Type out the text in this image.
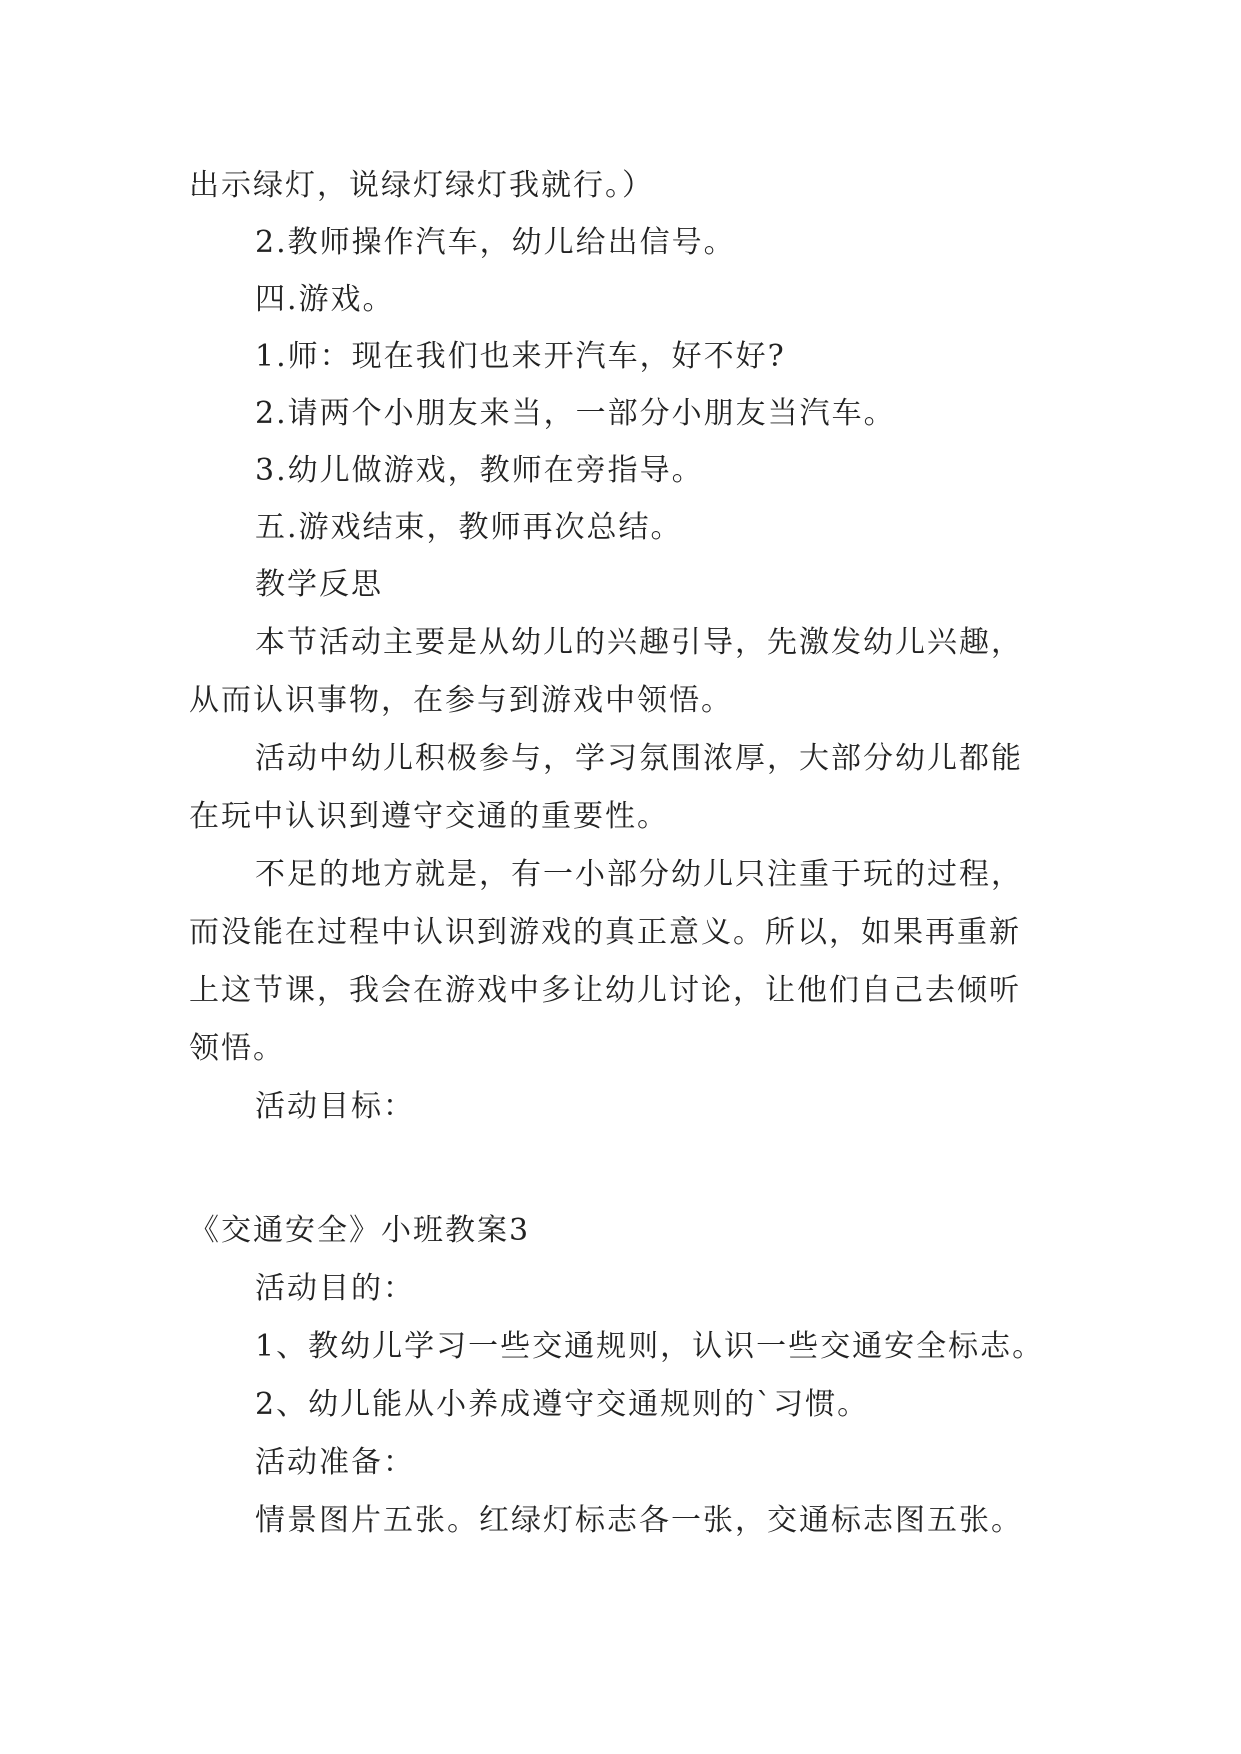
出示绿灯，说绿灯绿灯我就行。）
2.教师操作汽车，幼儿给出信号。
四.游戏。
1.师：现在我们也来开汽车，好不好?
2.请两个小朋友来当，一部分小朋友当汽车。
3.幼儿做游戏，教师在旁指导。
五.游戏结束，教师再次总结。
教学反思
本节活动主要是从幼儿的兴趣引导，先激发幼儿兴趣，
从而认识事物，在参与到游戏中领悟。
活动中幼儿积极参与，学习氛围浓厚，大部分幼儿都能
在玩中认识到遵守交通的重要性。
不足的地方就是，有一小部分幼儿只注重于玩的过程，
而没能在过程中认识到游戏的真正意义。所以，如果再重新
上这节课，我会在游戏中多让幼儿讨论，让他们自己去倾听
领悟。
活动目标：
《交通安全》小班教案3
活动目的：
1、教幼儿学习一些交通规则，认识一些交通安全标志。
2、幼儿能从小养成遵守交通规则的`习惯。
活动准备：
情景图片五张。红绿灯标志各一张，交通标志图五张。
